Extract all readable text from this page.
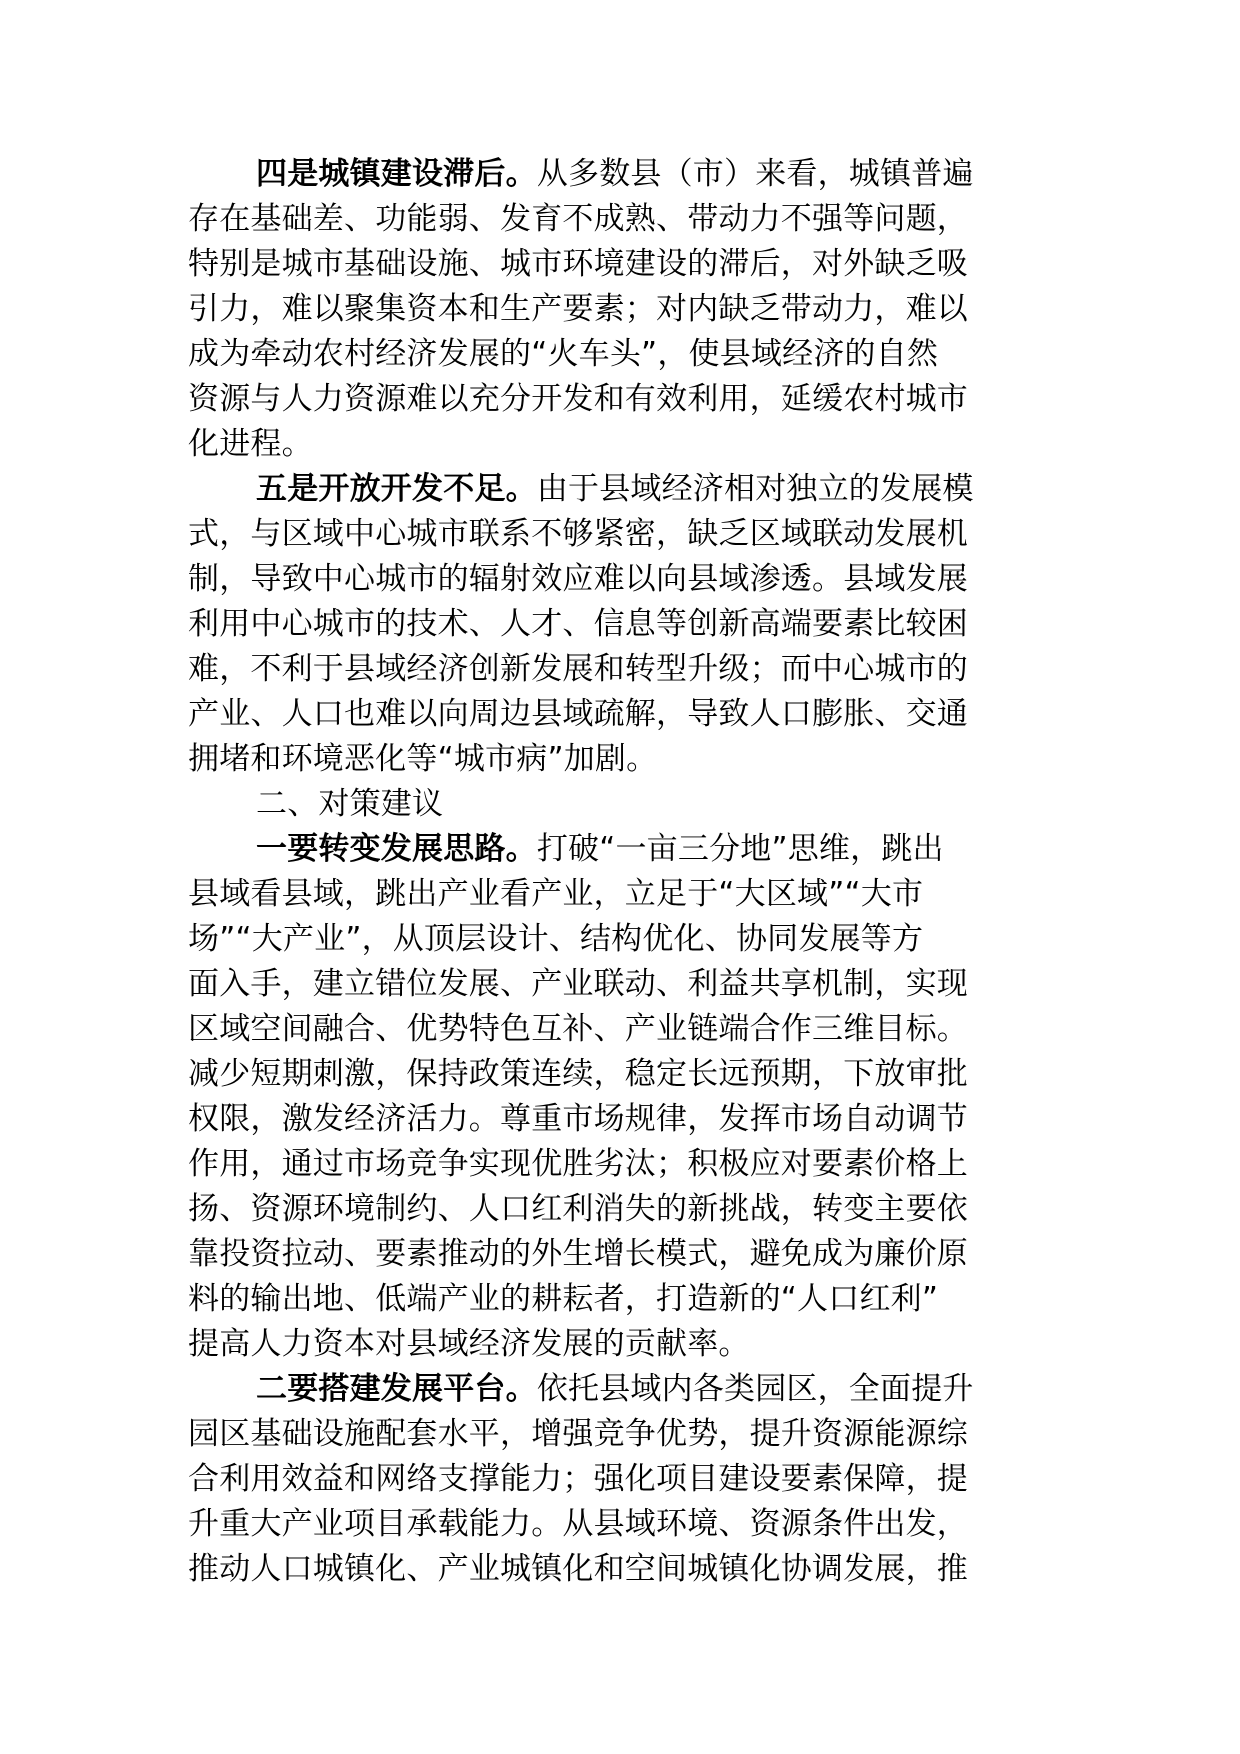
四是城镇建设滞后。从多数县（市）来看，城镇普遍
存在基础差、功能弱、发育不成熟、带动力不强等问题，
特别是城市基础设施、城市环境建设的滞后，对外缺乏吸
引力，难以聚集资本和生产要素；对内缺乏带动力，难以
成为牵动农村经济发展的“火车头”，使县域经济的自然
资源与人力资源难以充分开发和有效利用，延缓农村城市
化进程。
五是开放开发不足。由于县域经济相对独立的发展模
式，与区域中心城市联系不够紧密，缺乏区域联动发展机
制，导致中心城市的辐射效应难以向县域渗透。县域发展
利用中心城市的技术、人才、信息等创新高端要素比较困
难，不利于县域经济创新发展和转型升级；而中心城市的
产业、人口也难以向周边县域疏解，导致人口膨胀、交通
拥堵和环境恶化等“城市病”加剧。
二、对策建议
一要转变发展思路。打破“一亩三分地”思维，跳出
县域看县域，跳出产业看产业，立足于“大区域”“大市
场”“大产业”，从顶层设计、结构优化、协同发展等方
面入手，建立错位发展、产业联动、利益共享机制，实现
区域空间融合、优势特色互补、产业链端合作三维目标。
减少短期刺激，保持政策连续，稳定长远预期，下放审批
权限，激发经济活力。尊重市场规律，发挥市场自动调节
作用，通过市场竞争实现优胜劣汰；积极应对要素价格上
扬、资源环境制约、人口红利消失的新挑战，转变主要依
靠投资拉动、要素推动的外生增长模式，避免成为廉价原
料的输出地、低端产业的耕耘者，打造新的“人口红利”
提高人力资本对县域经济发展的贡献率。
二要搭建发展平台。依托县域内各类园区，全面提升
园区基础设施配套水平，增强竞争优势，提升资源能源综
合利用效益和网络支撑能力；强化项目建设要素保障，提
升重大产业项目承载能力。从县域环境、资源条件出发，
推动人口城镇化、产业城镇化和空间城镇化协调发展，推
